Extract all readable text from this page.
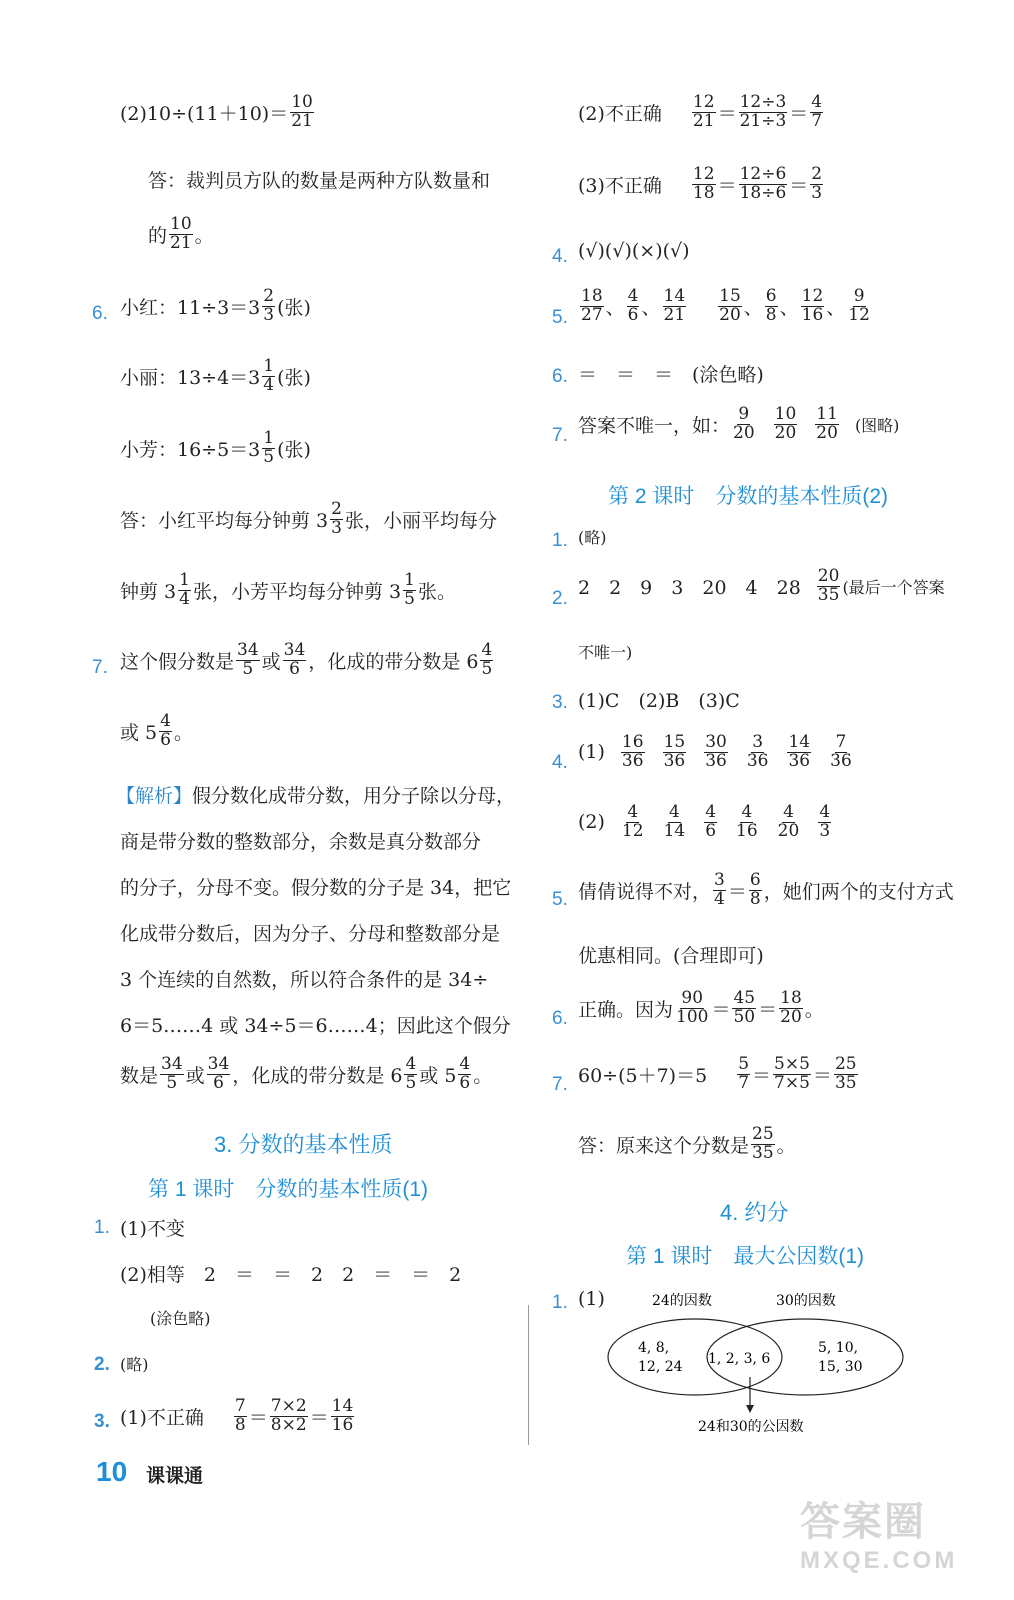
$(2)10\div(11+10)= \frac{10}{21}$
答：裁判员方队的数量是两种方队数量和
的 $\frac{10}{21}$ 。
6. 小红：$11\div 3=3 \frac{2}{3}$ (张)
小丽：$13\div 4=3 \frac{1}{4}$ (张)
小芳：$16\div 5=3 \frac{1}{5}$ (张)
答：小红平均每分钟剪 $3 \frac{2}{3}$ 张，小丽平均每分
钟剪 $3 \frac{1}{4}$ 张，小芳平均每分钟剪 $3 \frac{1}{5}$ 张。
7. 这个假分数是 $\frac{34}{5}$ 或 $\frac{34}{6}$ ，化成的带分数是 $6 \frac{4}{5}$
或 $5 \frac{4}{6}$ 。
【解析】 假分数化成带分数，用分子除以分母，
商是带分数的整数部分，余数是真分数部分
的分子，分母不变。假分数的分子是 34，把它
化成带分数后，因为分子、分母和整数部分是
3 个连续的自然数，所以符合条件的是 34÷
6＝5……4 或 34÷5＝6……4；因此这个假分
数是 $\frac{34}{5}$ 或 $\frac{34}{6}$ ，化成的带分数是 $6 \frac{4}{5}$ 或 $5 \frac{4}{6}$ 。
3. 分数的基本性质
第 1 课时　分数的基本性质(1)
1. (1)不变
(2)相等　2　＝　＝　2　2　＝　＝　2
(涂色略)
2. (略)
3. (1)不正确 $\frac{7}{8} = \frac{7\times 2}{8\times 2} = \frac{14}{16}$
(2)不正确 $\frac{12}{21} = \frac{12\div 3}{21\div 3} = \frac{4}{7}$
(3)不正确 $\frac{12}{18} = \frac{12\div 6}{18\div 6} = \frac{2}{3}$
4. (√)(√)(×)(√)
5. $\frac{18}{27}$ 、 $\frac{4}{6}$ 、 $\frac{14}{21} \frac{15}{20}$ 、 $\frac{6}{8}$ 、 $\frac{12}{16}$ 、 $\frac{9}{12}$
6. ＝　＝　＝　(涂色略)
7. 答案不唯一，如： $\frac{9}{20} \frac{10}{20} \frac{11}{20}$ (图略)
第 2 课时　分数的基本性质(2)
1. (略)
2. 2　2　9　3　20　4　$28 \frac{20}{35}$ (最后一个答案
不唯一)
3. (1)C　(2)B　(3)C
4. $(1) \frac{16}{36} \frac{15}{36} \frac{30}{36} \frac{3}{36} \frac{14}{36} \frac{7}{36}$
$(2) \frac{4}{12} \frac{4}{14} \frac{4}{6} \frac{4}{16} \frac{4}{20} \frac{4}{3}$
5. 倩倩说得不对， $\frac{3}{4} = \frac{6}{8}$ ，她们两个的支付方式
优惠相同。(合理即可)
6. 正确。因为 $\frac{90}{100} = \frac{45}{50} = \frac{18}{20}$ 。
7. $60\div(5+7)=5 \frac{5}{7} = \frac{5\times 5}{7\times 5} = \frac{25}{35}$
答：原来这个分数是 $\frac{25}{35}$ 。
4. 约分
第 1 课时　最大公因数(1)
1. (1)	24的因数	30的因数
4, 8,
12, 24 1, 2, 3, 6
5, 10,
15, 30
24和30的公因数
10 课课通
答案圈
MXQE.COM
